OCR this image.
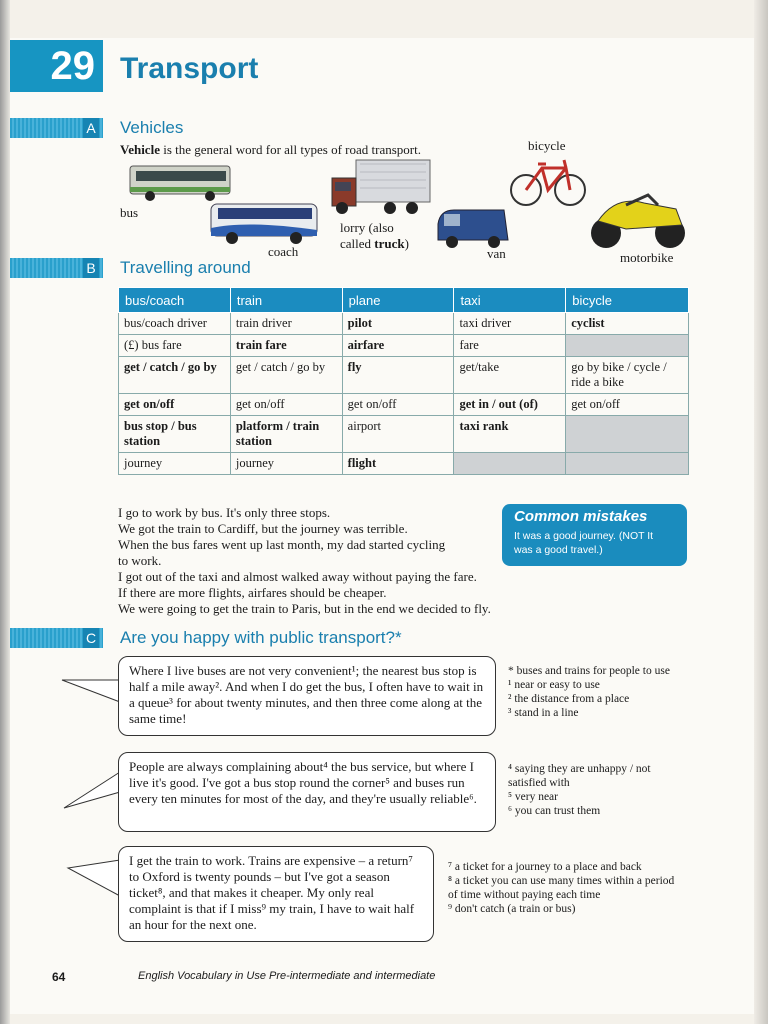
29 Transport
A Vehicles
Vehicle is the general word for all types of road transport.
bus
coach
lorry (also
called truck)
van
bicycle
motorbike
B Travelling around
bus/coach	train	plane	taxi	bicycle
bus/coach driver	train driver	pilot	taxi driver	cyclist
(£) bus fare	train fare	airfare	fare	
get / catch / go by	get / catch / go by	fly	get/take	go by bike / cycle / ride a bike
get on/off	get on/off	get on/off	get in / out (of)	get on/off
bus stop / bus station	platform / train station	airport	taxi rank	
journey	journey	flight		
I go to work by bus. It's only three stops.
We got the train to Cardiff, but the journey was terrible.
When the bus fares went up last month, my dad started cycling
to work.
I got out of the taxi and almost walked away without paying the fare.
If there are more flights, airfares should be cheaper.
We were going to get the train to Paris, but in the end we decided to fly.
Common mistakes
It was a good journey. (NOT It
was a good travel.)
C Are you happy with public transport?*
Where I live buses are not very convenient¹; the nearest bus stop is half a mile away². And when I do get the bus, I often have to wait in a queue³ for about twenty minutes, and then three come along at the same time!
People are always complaining about⁴ the bus service, but where I live it's good. I've got a bus stop round the corner⁵ and buses run every ten minutes for most of the day, and they're usually reliable⁶.
I get the train to work. Trains are expensive – a return⁷ to Oxford is twenty pounds – but I've got a season ticket⁸, and that makes it cheaper. My only real complaint is that if I miss⁹ my train, I have to wait half an hour for the next one.
* buses and trains for people to use
¹ near or easy to use
² the distance from a place
³ stand in a line
⁴ saying they are unhappy / not satisfied with
⁵ very near
⁶ you can trust them
⁷ a ticket for a journey to a place and back
⁸ a ticket you can use many times within a period of time without paying each time
⁹ don't catch (a train or bus)
64	English Vocabulary in Use Pre-intermediate and intermediate
